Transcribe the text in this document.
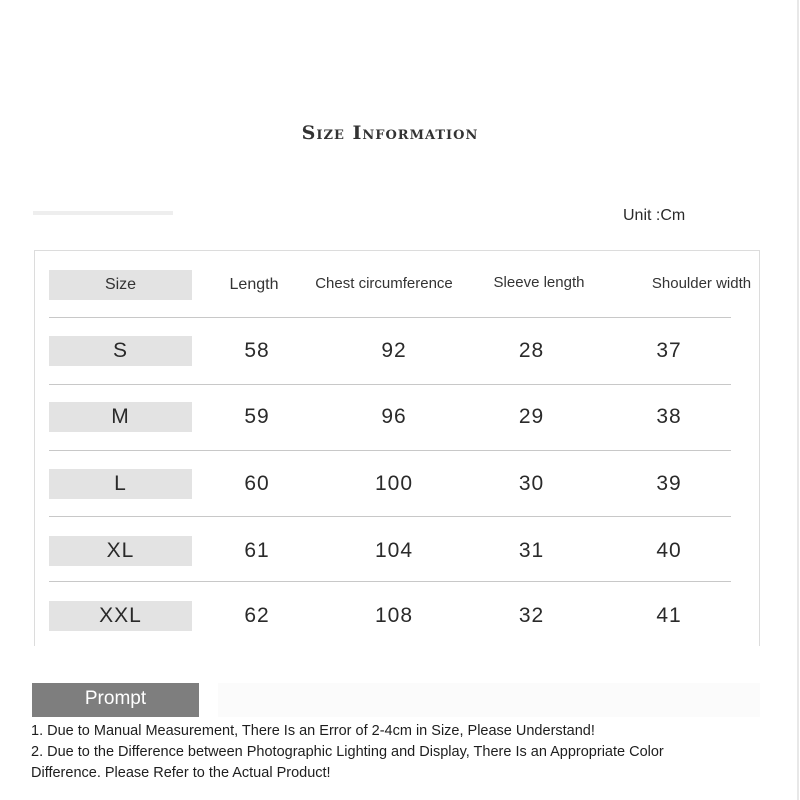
Size Information
Unit :Cm
Size	Length	Chest circumference	Sleeve length	Shoulder width
S	58	92	28	37
M	59	96	29	38
L	60	100	30	39
XL	61	104	31	40
XXL	62	108	32	41
Prompt

1. Due to Manual Measurement, There Is an Error of 2-4cm in Size, Please Understand!

2. Due to the Difference between Photographic Lighting and Display, There Is an Appropriate Color Difference. Please Refer to the Actual Product!
